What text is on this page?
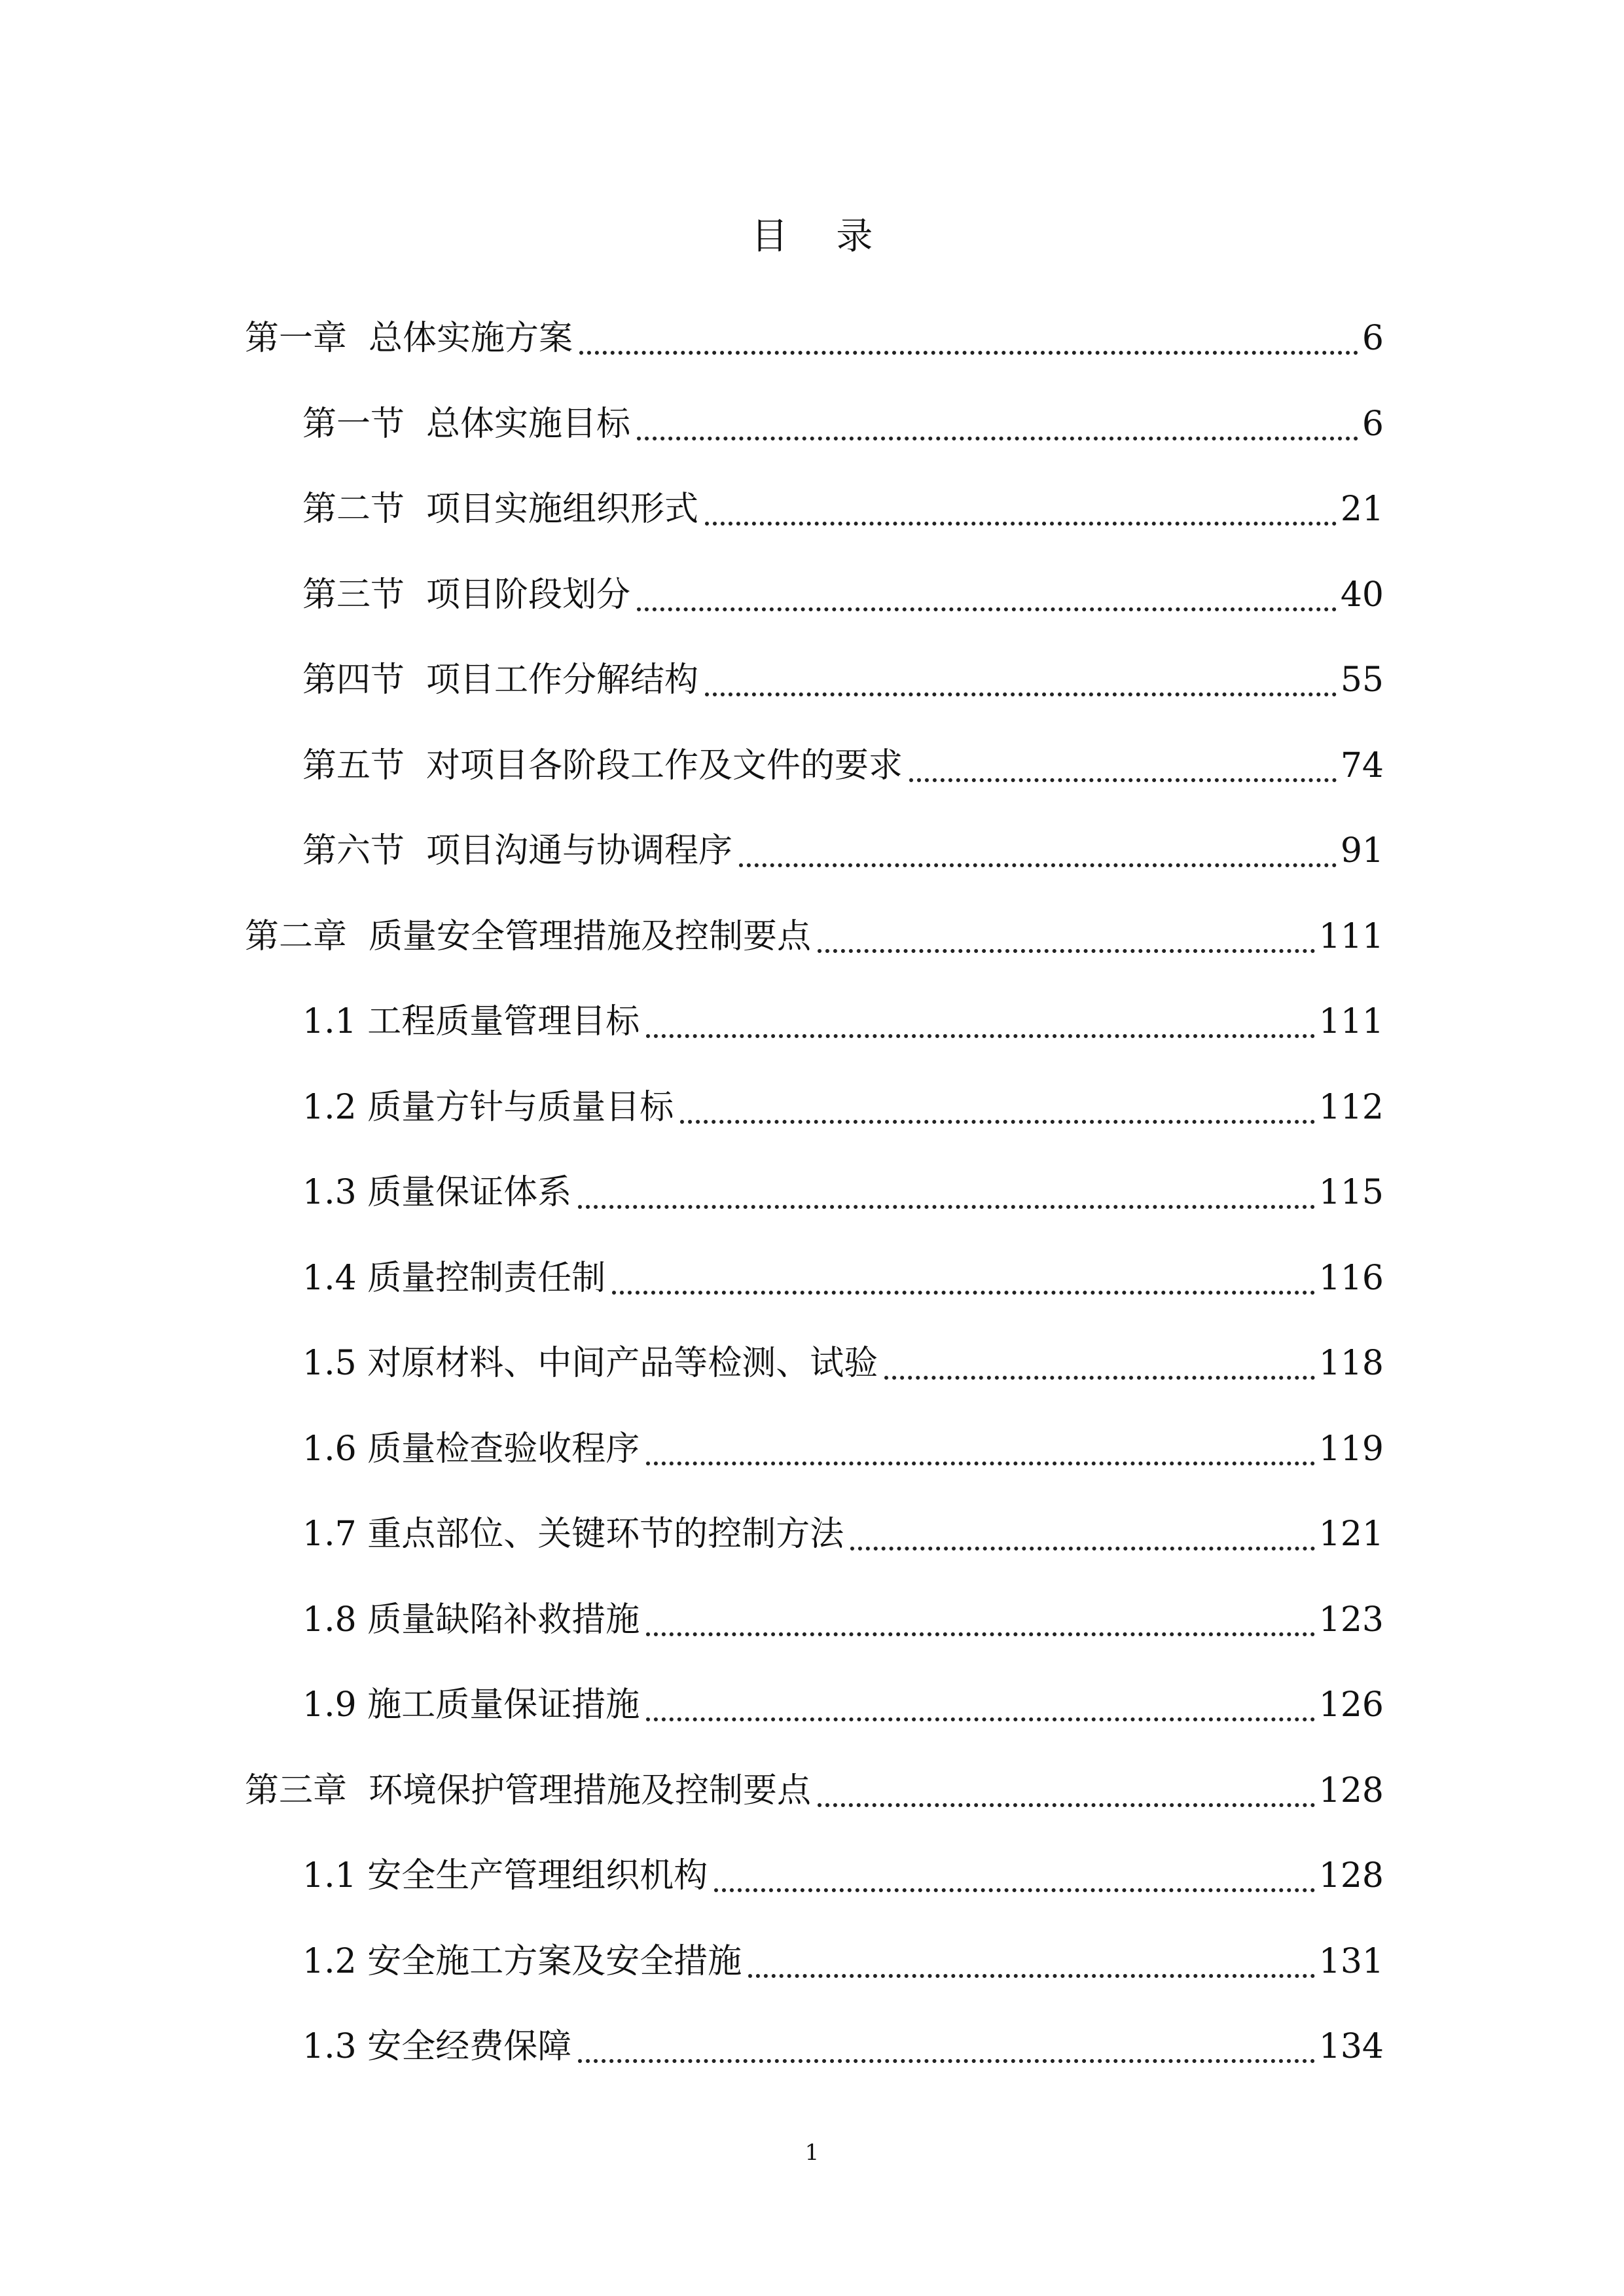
目 录
第一章  总体实施方案	6
第一节  总体实施目标	6
第二节  项目实施组织形式	21
第三节  项目阶段划分	40
第四节  项目工作分解结构	55
第五节  对项目各阶段工作及文件的要求	74
第六节  项目沟通与协调程序	91
第二章  质量安全管理措施及控制要点	111
1.1 工程质量管理目标	111
1.2 质量方针与质量目标	112
1.3 质量保证体系	115
1.4 质量控制责任制	116
1.5 对原材料、中间产品等检测、试验	118
1.6 质量检查验收程序	119
1.7 重点部位、关键环节的控制方法	121
1.8 质量缺陷补救措施	123
1.9 施工质量保证措施	126
第三章  环境保护管理措施及控制要点	128
1.1 安全生产管理组织机构	128
1.2 安全施工方案及安全措施	131
1.3 安全经费保障	134
1
